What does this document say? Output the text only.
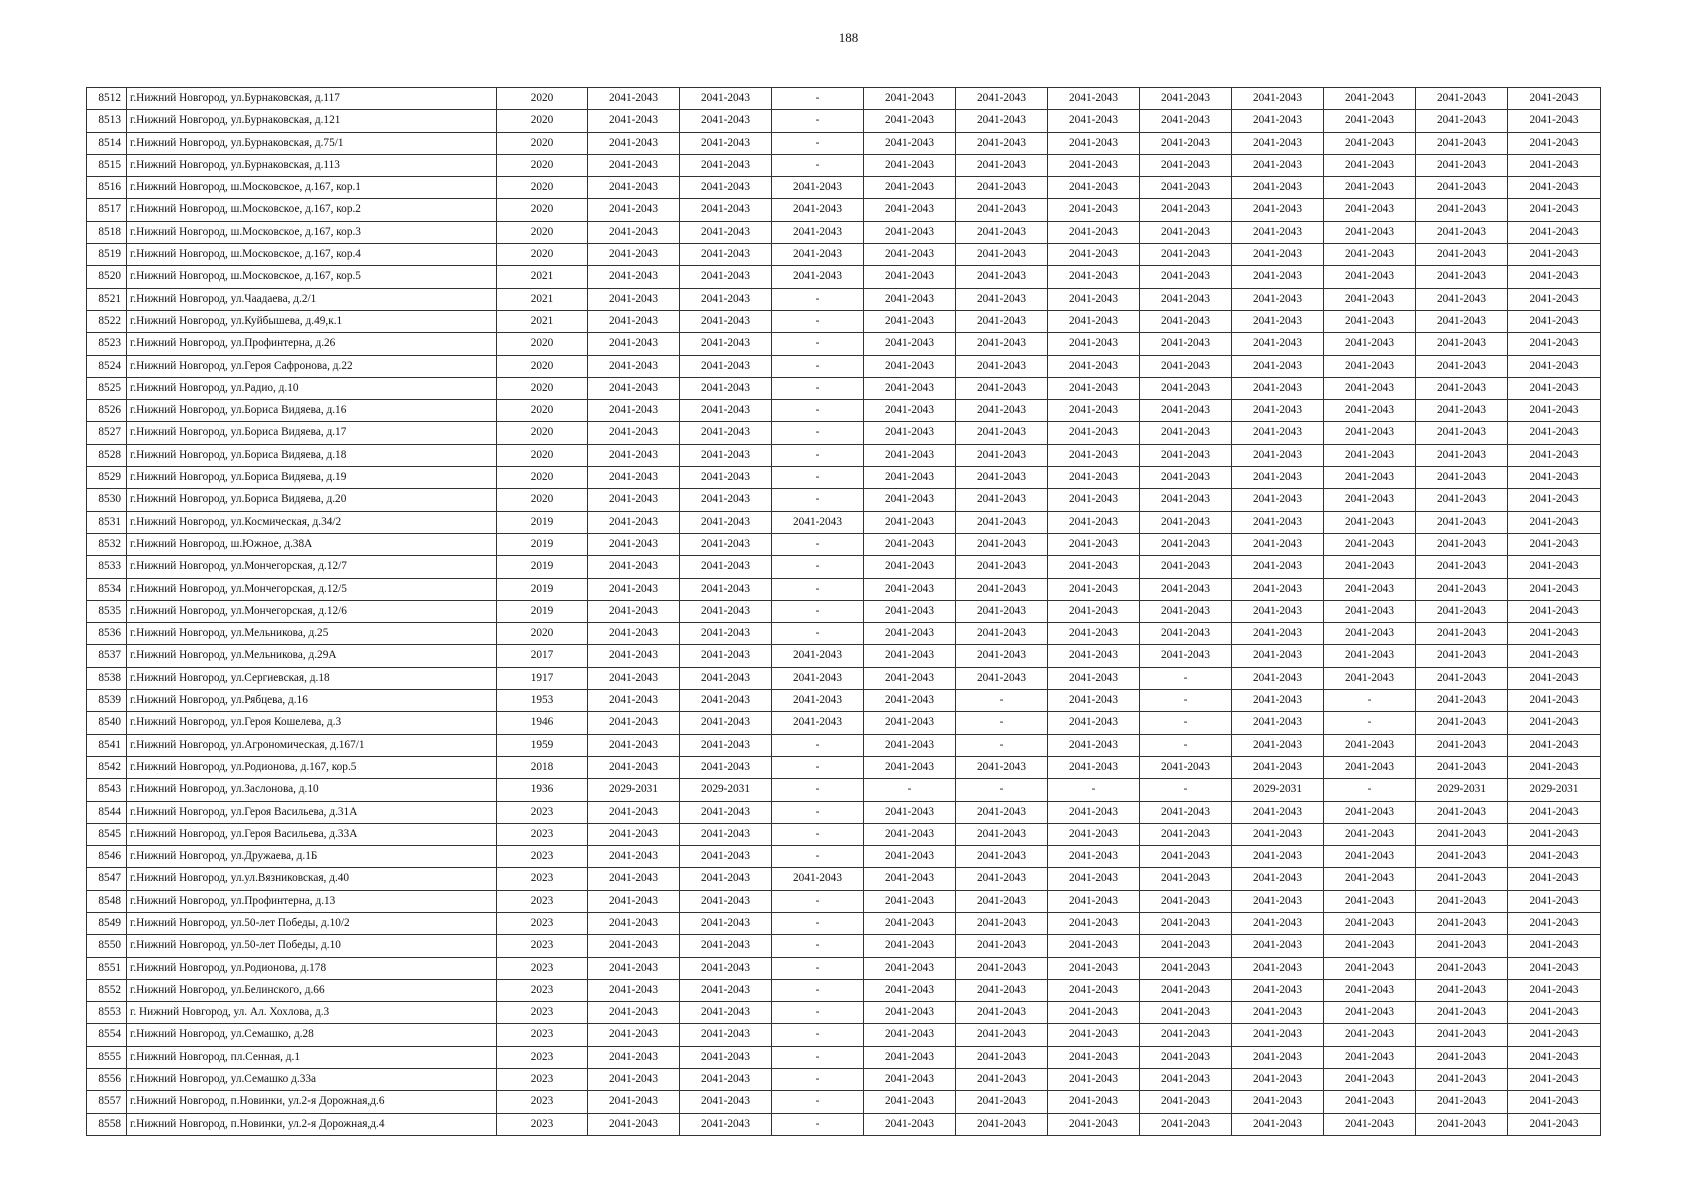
188
8512	г.Нижний Новгород, ул.Бурнаковская, д.117	2020	2041-2043	2041-2043	-	2041-2043	2041-2043	2041-2043	2041-2043	2041-2043	2041-2043	2041-2043	2041-2043
8513	г.Нижний Новгород, ул.Бурнаковская, д.121	2020	2041-2043	2041-2043	-	2041-2043	2041-2043	2041-2043	2041-2043	2041-2043	2041-2043	2041-2043	2041-2043
8514	г.Нижний Новгород, ул.Бурнаковская, д.75/1	2020	2041-2043	2041-2043	-	2041-2043	2041-2043	2041-2043	2041-2043	2041-2043	2041-2043	2041-2043	2041-2043
8515	г.Нижний Новгород, ул.Бурнаковская, д.113	2020	2041-2043	2041-2043	-	2041-2043	2041-2043	2041-2043	2041-2043	2041-2043	2041-2043	2041-2043	2041-2043
8516	г.Нижний Новгород, ш.Московское, д.167, кор.1	2020	2041-2043	2041-2043	2041-2043	2041-2043	2041-2043	2041-2043	2041-2043	2041-2043	2041-2043	2041-2043	2041-2043
8517	г.Нижний Новгород, ш.Московское, д.167, кор.2	2020	2041-2043	2041-2043	2041-2043	2041-2043	2041-2043	2041-2043	2041-2043	2041-2043	2041-2043	2041-2043	2041-2043
8518	г.Нижний Новгород, ш.Московское, д.167, кор.3	2020	2041-2043	2041-2043	2041-2043	2041-2043	2041-2043	2041-2043	2041-2043	2041-2043	2041-2043	2041-2043	2041-2043
8519	г.Нижний Новгород, ш.Московское, д.167, кор.4	2020	2041-2043	2041-2043	2041-2043	2041-2043	2041-2043	2041-2043	2041-2043	2041-2043	2041-2043	2041-2043	2041-2043
8520	г.Нижний Новгород, ш.Московское, д.167, кор.5	2021	2041-2043	2041-2043	2041-2043	2041-2043	2041-2043	2041-2043	2041-2043	2041-2043	2041-2043	2041-2043	2041-2043
8521	г.Нижний Новгород, ул.Чаадаева, д.2/1	2021	2041-2043	2041-2043	-	2041-2043	2041-2043	2041-2043	2041-2043	2041-2043	2041-2043	2041-2043	2041-2043
8522	г.Нижний Новгород, ул.Куйбышева, д.49,к.1	2021	2041-2043	2041-2043	-	2041-2043	2041-2043	2041-2043	2041-2043	2041-2043	2041-2043	2041-2043	2041-2043
8523	г.Нижний Новгород, ул.Профинтерна, д.26	2020	2041-2043	2041-2043	-	2041-2043	2041-2043	2041-2043	2041-2043	2041-2043	2041-2043	2041-2043	2041-2043
8524	г.Нижний Новгород, ул.Героя Сафронова, д.22	2020	2041-2043	2041-2043	-	2041-2043	2041-2043	2041-2043	2041-2043	2041-2043	2041-2043	2041-2043	2041-2043
8525	г.Нижний Новгород, ул.Радио, д.10	2020	2041-2043	2041-2043	-	2041-2043	2041-2043	2041-2043	2041-2043	2041-2043	2041-2043	2041-2043	2041-2043
8526	г.Нижний Новгород, ул.Бориса Видяева, д.16	2020	2041-2043	2041-2043	-	2041-2043	2041-2043	2041-2043	2041-2043	2041-2043	2041-2043	2041-2043	2041-2043
8527	г.Нижний Новгород, ул.Бориса Видяева, д.17	2020	2041-2043	2041-2043	-	2041-2043	2041-2043	2041-2043	2041-2043	2041-2043	2041-2043	2041-2043	2041-2043
8528	г.Нижний Новгород, ул.Бориса Видяева, д.18	2020	2041-2043	2041-2043	-	2041-2043	2041-2043	2041-2043	2041-2043	2041-2043	2041-2043	2041-2043	2041-2043
8529	г.Нижний Новгород, ул.Бориса Видяева, д.19	2020	2041-2043	2041-2043	-	2041-2043	2041-2043	2041-2043	2041-2043	2041-2043	2041-2043	2041-2043	2041-2043
8530	г.Нижний Новгород, ул.Бориса Видяева, д.20	2020	2041-2043	2041-2043	-	2041-2043	2041-2043	2041-2043	2041-2043	2041-2043	2041-2043	2041-2043	2041-2043
8531	г.Нижний Новгород, ул.Космическая, д.34/2	2019	2041-2043	2041-2043	2041-2043	2041-2043	2041-2043	2041-2043	2041-2043	2041-2043	2041-2043	2041-2043	2041-2043
8532	г.Нижний Новгород, ш.Южное, д.38А	2019	2041-2043	2041-2043	-	2041-2043	2041-2043	2041-2043	2041-2043	2041-2043	2041-2043	2041-2043	2041-2043
8533	г.Нижний Новгород, ул.Мончегорская, д.12/7	2019	2041-2043	2041-2043	-	2041-2043	2041-2043	2041-2043	2041-2043	2041-2043	2041-2043	2041-2043	2041-2043
8534	г.Нижний Новгород, ул.Мончегорская, д.12/5	2019	2041-2043	2041-2043	-	2041-2043	2041-2043	2041-2043	2041-2043	2041-2043	2041-2043	2041-2043	2041-2043
8535	г.Нижний Новгород, ул.Мончегорская, д.12/6	2019	2041-2043	2041-2043	-	2041-2043	2041-2043	2041-2043	2041-2043	2041-2043	2041-2043	2041-2043	2041-2043
8536	г.Нижний Новгород, ул.Мельникова, д.25	2020	2041-2043	2041-2043	-	2041-2043	2041-2043	2041-2043	2041-2043	2041-2043	2041-2043	2041-2043	2041-2043
8537	г.Нижний Новгород, ул.Мельникова, д.29А	2017	2041-2043	2041-2043	2041-2043	2041-2043	2041-2043	2041-2043	2041-2043	2041-2043	2041-2043	2041-2043	2041-2043
8538	г.Нижний Новгород, ул.Сергиевская, д.18	1917	2041-2043	2041-2043	2041-2043	2041-2043	2041-2043	2041-2043	-	2041-2043	2041-2043	2041-2043	2041-2043
8539	г.Нижний Новгород, ул.Рябцева, д.16	1953	2041-2043	2041-2043	2041-2043	2041-2043	-	2041-2043	-	2041-2043	-	2041-2043	2041-2043
8540	г.Нижний Новгород, ул.Героя Кошелева, д.3	1946	2041-2043	2041-2043	2041-2043	2041-2043	-	2041-2043	-	2041-2043	-	2041-2043	2041-2043
8541	г.Нижний Новгород, ул.Агрономическая, д.167/1	1959	2041-2043	2041-2043	-	2041-2043	-	2041-2043	-	2041-2043	2041-2043	2041-2043	2041-2043
8542	г.Нижний Новгород, ул.Родионова, д.167, кор.5	2018	2041-2043	2041-2043	-	2041-2043	2041-2043	2041-2043	2041-2043	2041-2043	2041-2043	2041-2043	2041-2043
8543	г.Нижний Новгород, ул.Заслонова, д.10	1936	2029-2031	2029-2031	-	-	-	-	-	2029-2031	-	2029-2031	2029-2031
8544	г.Нижний Новгород, ул.Героя Васильева, д.31А	2023	2041-2043	2041-2043	-	2041-2043	2041-2043	2041-2043	2041-2043	2041-2043	2041-2043	2041-2043	2041-2043
8545	г.Нижний Новгород, ул.Героя Васильева, д.33А	2023	2041-2043	2041-2043	-	2041-2043	2041-2043	2041-2043	2041-2043	2041-2043	2041-2043	2041-2043	2041-2043
8546	г.Нижний Новгород, ул.Дружаева, д.1Б	2023	2041-2043	2041-2043	-	2041-2043	2041-2043	2041-2043	2041-2043	2041-2043	2041-2043	2041-2043	2041-2043
8547	г.Нижний Новгород, ул.ул.Вязниковская, д.40	2023	2041-2043	2041-2043	2041-2043	2041-2043	2041-2043	2041-2043	2041-2043	2041-2043	2041-2043	2041-2043	2041-2043
8548	г.Нижний Новгород, ул.Профинтерна, д.13	2023	2041-2043	2041-2043	-	2041-2043	2041-2043	2041-2043	2041-2043	2041-2043	2041-2043	2041-2043	2041-2043
8549	г.Нижний Новгород, ул.50-лет Победы, д.10/2	2023	2041-2043	2041-2043	-	2041-2043	2041-2043	2041-2043	2041-2043	2041-2043	2041-2043	2041-2043	2041-2043
8550	г.Нижний Новгород, ул.50-лет Победы, д.10	2023	2041-2043	2041-2043	-	2041-2043	2041-2043	2041-2043	2041-2043	2041-2043	2041-2043	2041-2043	2041-2043
8551	г.Нижний Новгород, ул.Родионова, д.178	2023	2041-2043	2041-2043	-	2041-2043	2041-2043	2041-2043	2041-2043	2041-2043	2041-2043	2041-2043	2041-2043
8552	г.Нижний Новгород, ул.Белинского, д.66	2023	2041-2043	2041-2043	-	2041-2043	2041-2043	2041-2043	2041-2043	2041-2043	2041-2043	2041-2043	2041-2043
8553	г. Нижний Новгород, ул. Ал. Хохлова, д.3	2023	2041-2043	2041-2043	-	2041-2043	2041-2043	2041-2043	2041-2043	2041-2043	2041-2043	2041-2043	2041-2043
8554	г.Нижний Новгород, ул.Семашко, д.28	2023	2041-2043	2041-2043	-	2041-2043	2041-2043	2041-2043	2041-2043	2041-2043	2041-2043	2041-2043	2041-2043
8555	г.Нижний Новгород, пл.Сенная, д.1	2023	2041-2043	2041-2043	-	2041-2043	2041-2043	2041-2043	2041-2043	2041-2043	2041-2043	2041-2043	2041-2043
8556	г.Нижний Новгород, ул.Семашко д.33а	2023	2041-2043	2041-2043	-	2041-2043	2041-2043	2041-2043	2041-2043	2041-2043	2041-2043	2041-2043	2041-2043
8557	г.Нижний Новгород, п.Новинки, ул.2-я Дорожная,д.6	2023	2041-2043	2041-2043	-	2041-2043	2041-2043	2041-2043	2041-2043	2041-2043	2041-2043	2041-2043	2041-2043
8558	г.Нижний Новгород, п.Новинки, ул.2-я Дорожная,д.4	2023	2041-2043	2041-2043	-	2041-2043	2041-2043	2041-2043	2041-2043	2041-2043	2041-2043	2041-2043	2041-2043
